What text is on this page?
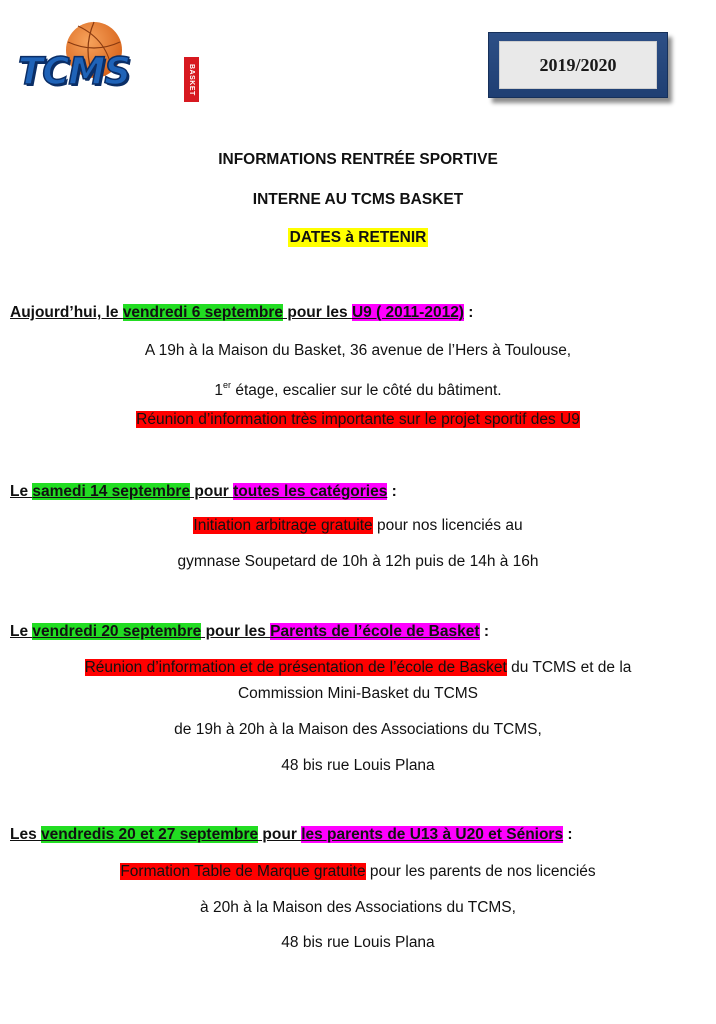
TCMS	BASKET	2019/2020
INFORMATIONS RENTRÉE SPORTIVE
INTERNE AU TCMS BASKET
DATES à RETENIR
Aujourd’hui, le vendredi 6 septembre pour les U9 ( 2011-2012) :
A 19h à la Maison du Basket, 36 avenue de l’Hers à Toulouse,
1er étage, escalier sur le côté du bâtiment.
Réunion d’information très importante sur le projet sportif des U9
Le samedi 14 septembre pour toutes les catégories :
Initiation arbitrage gratuite pour nos licenciés au
gymnase Soupetard de 10h à 12h puis de 14h à 16h
Le vendredi 20 septembre pour les Parents de l’école de Basket :
Réunion d’information et de présentation de l’école de Basket du TCMS et de la
Commission Mini-Basket du TCMS
de 19h à 20h à la Maison des Associations du TCMS,
48 bis rue Louis Plana
Les vendredis 20 et 27 septembre pour les parents de U13 à U20 et Séniors :
Formation Table de Marque gratuite pour les parents de nos licenciés
à 20h à la Maison des Associations du TCMS,
48 bis rue Louis Plana
